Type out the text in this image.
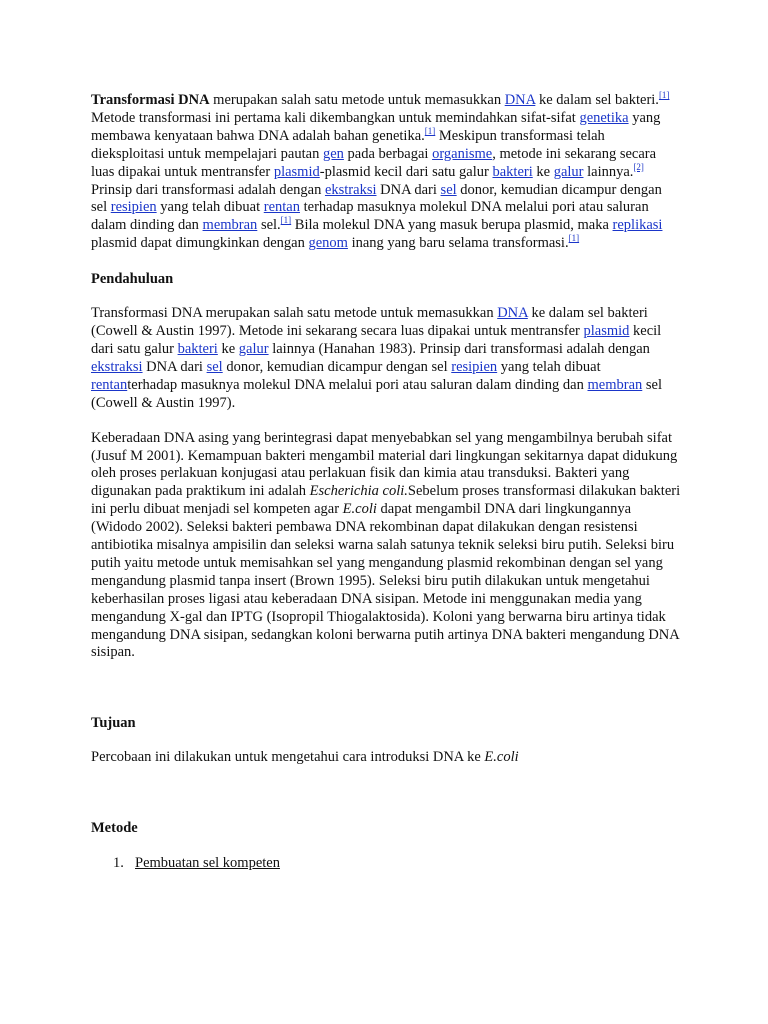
Transformasi DNA merupakan salah satu metode untuk memasukkan DNA ke dalam sel bakteri.[1] Metode transformasi ini pertama kali dikembangkan untuk memindahkan sifat-sifat genetika yang membawa kenyataan bahwa DNA adalah bahan genetika.[1] Meskipun transformasi telah dieksploitasi untuk mempelajari pautan gen pada berbagai organisme, metode ini sekarang secara luas dipakai untuk mentransfer plasmid-plasmid kecil dari satu galur bakteri ke galur lainnya.[2] Prinsip dari transformasi adalah dengan ekstraksi DNA dari sel donor, kemudian dicampur dengan sel resipien yang telah dibuat rentan terhadap masuknya molekul DNA melalui pori atau saluran dalam dinding dan membran sel.[1] Bila molekul DNA yang masuk berupa plasmid, maka replikasi plasmid dapat dimungkinkan dengan genom inang yang baru selama transformasi.[1]

Pendahuluan

Transformasi DNA merupakan salah satu metode untuk memasukkan DNA ke dalam sel bakteri (Cowell & Austin 1997). Metode ini sekarang secara luas dipakai untuk mentransfer plasmid kecil dari satu galur bakteri ke galur lainnya (Hanahan 1983). Prinsip dari transformasi adalah dengan ekstraksi DNA dari sel donor, kemudian dicampur dengan sel resipien yang telah dibuat rentanterhadap masuknya molekul DNA melalui pori atau saluran dalam dinding dan membran sel (Cowell & Austin 1997).

Keberadaan DNA asing yang berintegrasi dapat menyebabkan sel yang mengambilnya berubah sifat (Jusuf M 2001). Kemampuan bakteri mengambil material dari lingkungan sekitarnya dapat didukung oleh proses perlakuan konjugasi atau perlakuan fisik dan kimia atau transduksi. Bakteri yang digunakan pada praktikum ini adalah Escherichia coli.Sebelum proses transformasi dilakukan bakteri ini perlu dibuat menjadi sel kompeten agar E.coli dapat mengambil DNA dari lingkungannya (Widodo 2002). Seleksi bakteri pembawa DNA rekombinan dapat dilakukan dengan resistensi antibiotika misalnya ampisilin dan seleksi warna salah satunya teknik seleksi biru putih. Seleksi biru putih yaitu metode untuk memisahkan sel yang mengandung plasmid rekombinan dengan sel yang mengandung plasmid tanpa insert (Brown 1995). Seleksi biru putih dilakukan untuk mengetahui keberhasilan proses ligasi atau keberadaan DNA sisipan. Metode ini menggunakan media yang mengandung X-gal dan IPTG (Isopropil Thiogalaktosida). Koloni yang berwarna biru artinya tidak mengandung DNA sisipan, sedangkan koloni berwarna putih artinya DNA bakteri mengandung DNA sisipan.

Tujuan

Percobaan ini dilakukan untuk mengetahui cara introduksi DNA ke E.coli

Metode

1. Pembuatan sel kompeten
